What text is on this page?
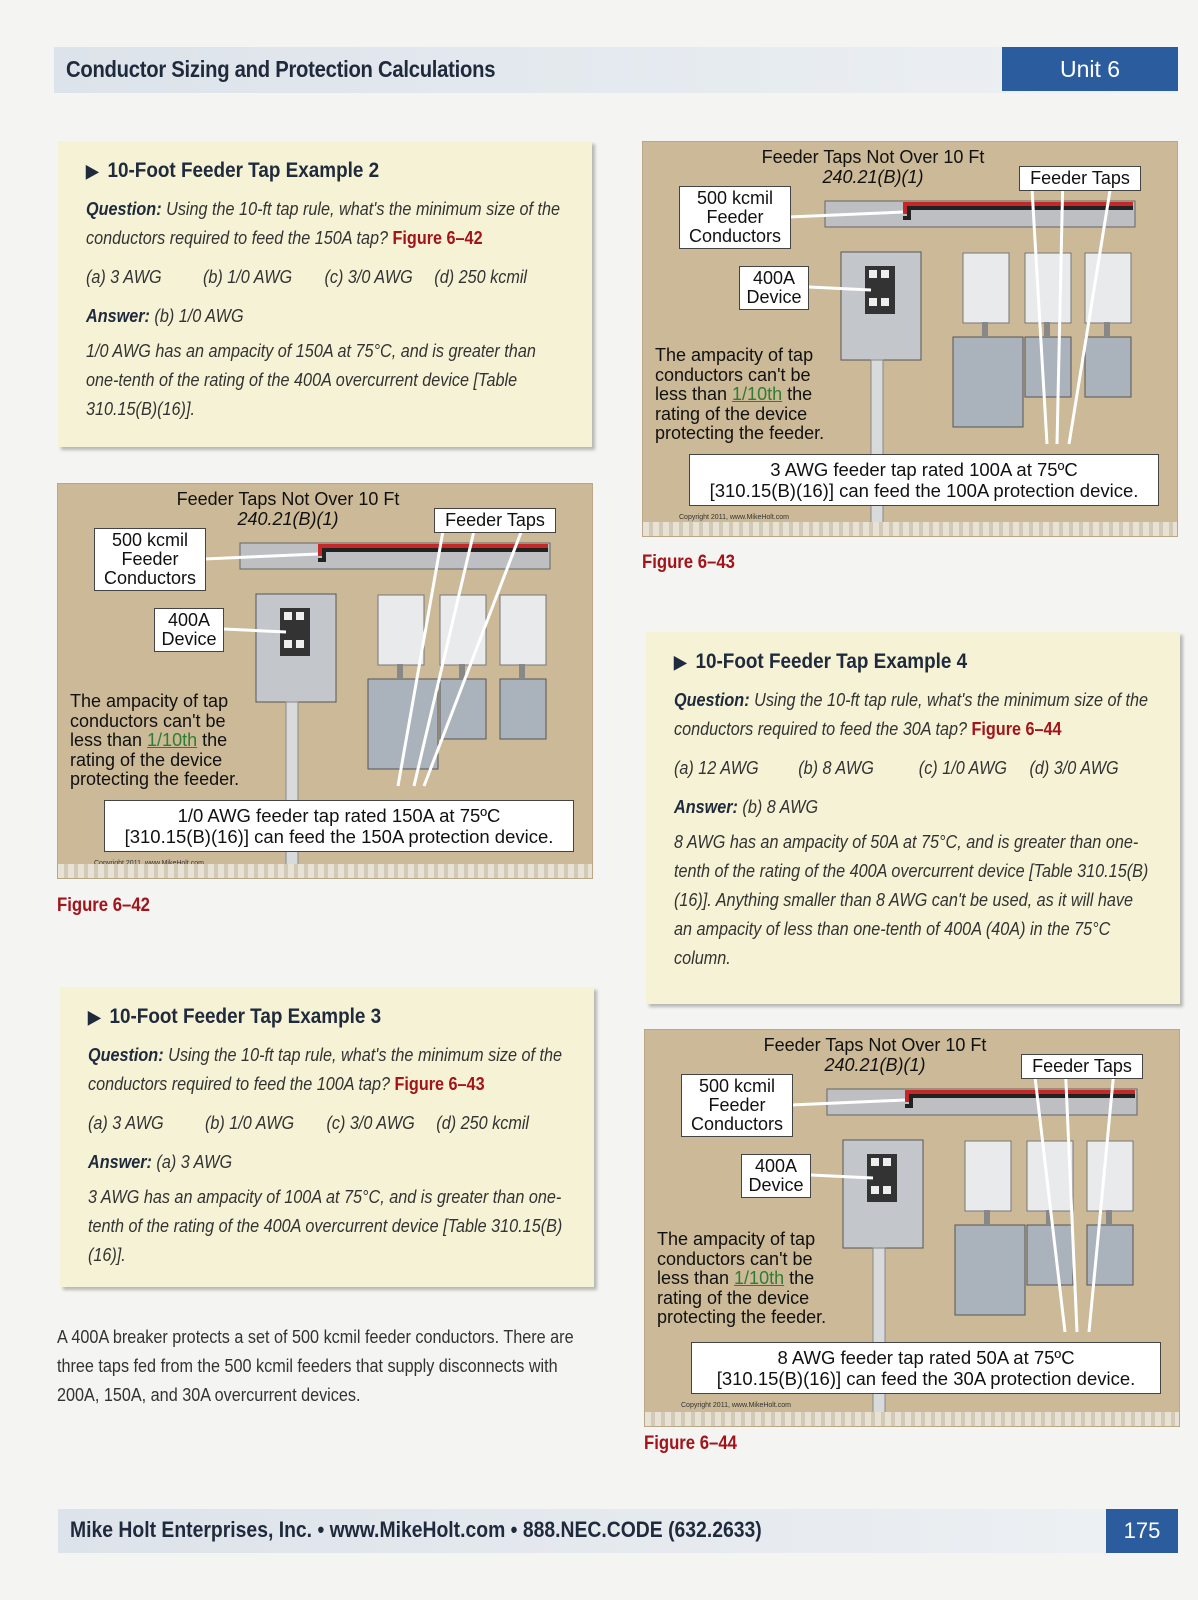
Conductor Sizing and Protection Calculations	Unit 6
▶ 10-Foot Feeder Tap Example 2

Question: Using the 10-ft tap rule, what's the minimum size of the conductors required to feed the 150A tap? Figure 6–42

(a) 3 AWG	(b) 1/0 AWG	(c) 3/0 AWG	(d) 250 kcmil

Answer: (b) 1/0 AWG

1/0 AWG has an ampacity of 150A at 75°C, and is greater than one-tenth of the rating of the 400A overcurrent device [Table 310.15(B)(16)].

Feeder Taps Not Over 10 Ft
240.21(B)(1)
500 kcmil
Feeder
Conductors
400A
Device
Feeder Taps
The ampacity of tap
conductors can't be
less than 1/10th the
rating of the device
protecting the feeder.
1/0 AWG feeder tap rated 150A at 75ºC
[310.15(B)(16)] can feed the 150A protection device.
Figure 6–42
▶ 10-Foot Feeder Tap Example 3

Question: Using the 10-ft tap rule, what's the minimum size of the conductors required to feed the 100A tap? Figure 6–43

(a) 3 AWG	(b) 1/0 AWG	(c) 3/0 AWG	(d) 250 kcmil

Answer: (a) 3 AWG

3 AWG has an ampacity of 100A at 75°C, and is greater than one-tenth of the rating of the 400A overcurrent device [Table 310.15(B)(16)].

A 400A breaker protects a set of 500 kcmil feeder conductors. There are three taps fed from the 500 kcmil feeders that supply disconnects with 200A, 150A, and 30A overcurrent devices.
Feeder Taps Not Over 10 Ft
240.21(B)(1)
500 kcmil
Feeder
Conductors
400A
Device
Feeder Taps
The ampacity of tap
conductors can't be
less than 1/10th the
rating of the device
protecting the feeder.
3 AWG feeder tap rated 100A at 75ºC
[310.15(B)(16)] can feed the 100A protection device.
Copyright 2011, www.MikeHolt.com
Figure 6–43
▶ 10-Foot Feeder Tap Example 4

Question: Using the 10-ft tap rule, what's the minimum size of the conductors required to feed the 30A tap? Figure 6–44

(a) 12 AWG	(b) 8 AWG	(c) 1/0 AWG	(d) 3/0 AWG

Answer: (b) 8 AWG

8 AWG has an ampacity of 50A at 75°C, and is greater than one-tenth of the rating of the 400A overcurrent device [Table 310.15(B)(16)]. Anything smaller than 8 AWG can't be used, as it will have an ampacity of less than one-tenth of 400A (40A) in the 75°C column.

Feeder Taps Not Over 10 Ft
240.21(B)(1)
500 kcmil
Feeder
Conductors
400A
Device
Feeder Taps
The ampacity of tap
conductors can't be
less than 1/10th the
rating of the device
protecting the feeder.
8 AWG feeder tap rated 50A at 75ºC
[310.15(B)(16)] can feed the 30A protection device.
Copyright 2011, www.MikeHolt.com
Figure 6–44
Mike Holt Enterprises, Inc. • www.MikeHolt.com • 888.NEC.CODE (632.2633)	175
